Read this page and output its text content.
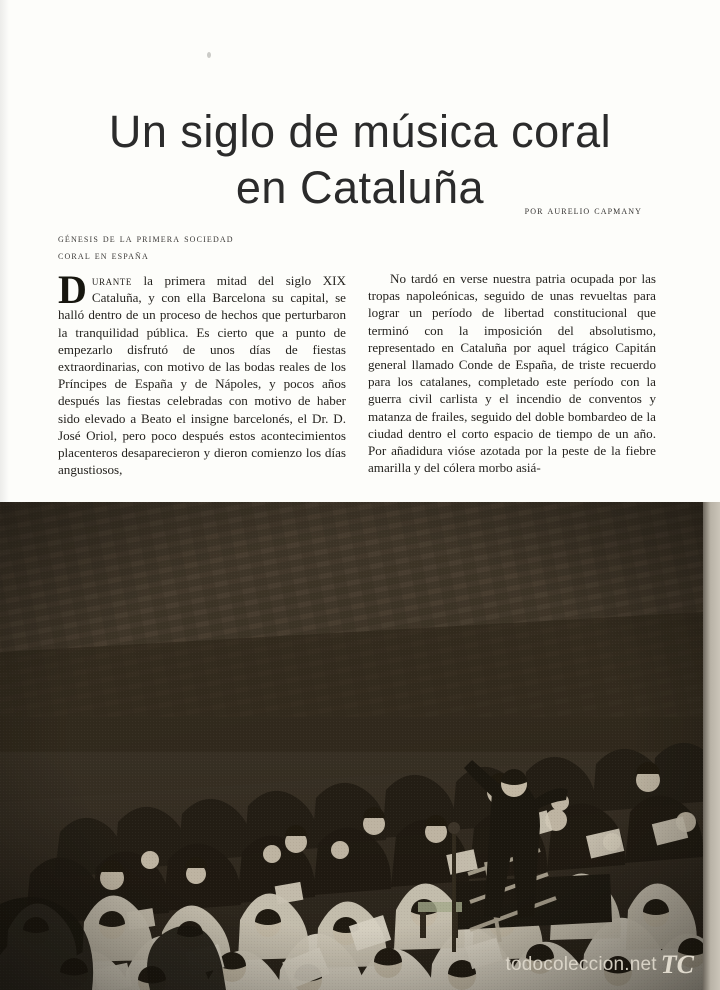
Un siglo de música coral
en Cataluña	por aurelio capmany
génesis de la primera sociedad
coral en españa
Durante la primera mitad del siglo XIX Cataluña, y con ella Barcelona su capital, se halló dentro de un proceso de hechos que perturbaron la tranquilidad pública. Es cierto que a punto de empezarlo disfrutó de unos días de fiestas extraordinarias, con motivo de las bodas reales de los Príncipes de España y de Nápoles, y pocos años después las fiestas celebradas con motivo de haber sido elevado a Beato el insigne barcelonés, el Dr. D. José Oriol, pero poco después estos acontecimientos placenteros desaparecieron y dieron comienzo los días angustiosos,
No tardó en verse nuestra patria ocupada por las tropas napoleónicas, seguido de unas revueltas para lograr un período de libertad constitucional que terminó con la imposición del absolutismo, representado en Cataluña por aquel trágico Capitán general llamado Conde de España, de triste recuerdo para los catalanes, completado este período con la guerra civil carlista y el incendio de conventos y matanza de frailes, seguido del doble bombardeo de la ciudad dentro el corto espacio de tiempo de un año. Por añadidura vióse azotada por la peste de la fiebre amarilla y del cólera morbo asiá-
todocoleccion.net TC
